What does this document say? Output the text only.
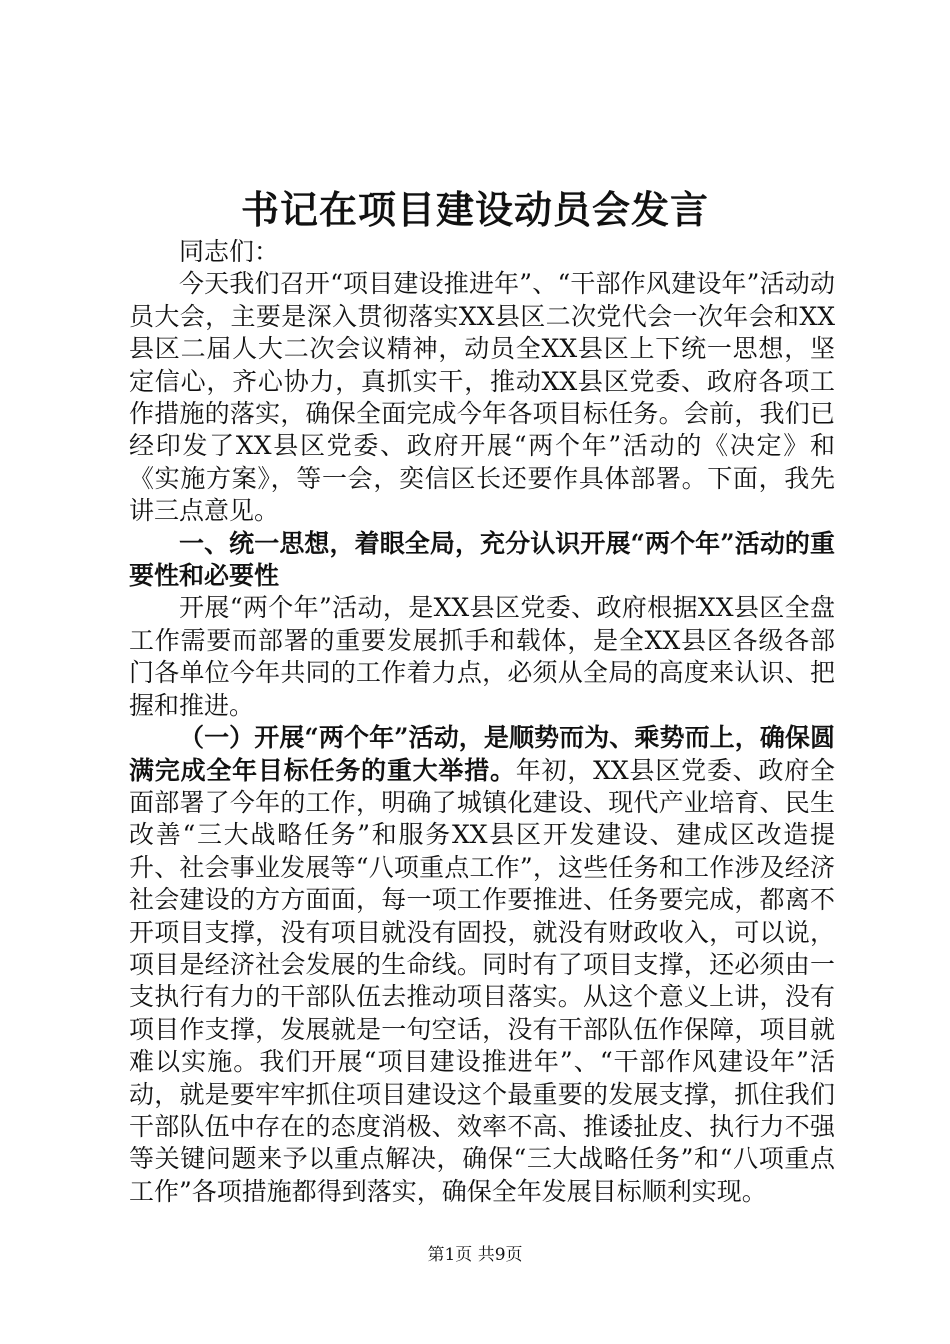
书记在项目建设动员会发言

同志们：

今天我们召开“项目建设推进年”、“干部作风建设年”活动动员大会，主要是深入贯彻落实XX县区二次党代会一次年会和XX县区二届人大二次会议精神，动员全XX县区上下统一思想，坚定信心，齐心协力，真抓实干，推动XX县区党委、政府各项工作措施的落实，确保全面完成今年各项目标任务。会前，我们已经印发了XX县区党委、政府开展“两个年”活动的《决定》和《实施方案》，等一会，奕信区长还要作具体部署。下面，我先讲三点意见。

一、统一思想，着眼全局，充分认识开展“两个年”活动的重要性和必要性

开展“两个年”活动，是XX县区党委、政府根据XX县区全盘工作需要而部署的重要发展抓手和载体，是全XX县区各级各部门各单位今年共同的工作着力点，必须从全局的高度来认识、把握和推进。

（一）开展“两个年”活动，是顺势而为、乘势而上，确保圆满完成全年目标任务的重大举措。年初，XX县区党委、政府全面部署了今年的工作，明确了城镇化建设、现代产业培育、民生改善“三大战略任务”和服务XX县区开发建设、建成区改造提升、社会事业发展等“八项重点工作”，这些任务和工作涉及经济社会建设的方方面面，每一项工作要推进、任务要完成，都离不开项目支撑，没有项目就没有固投，就没有财政收入，可以说，项目是经济社会发展的生命线。同时有了项目支撑，还必须由一支执行有力的干部队伍去推动项目落实。从这个意义上讲，没有项目作支撑，发展就是一句空话，没有干部队伍作保障，项目就难以实施。我们开展“项目建设推进年”、“干部作风建设年”活动，就是要牢牢抓住项目建设这个最重要的发展支撑，抓住我们干部队伍中存在的态度消极、效率不高、推诿扯皮、执行力不强等关键问题来予以重点解决，确保“三大战略任务”和“八项重点工作”各项措施都得到落实，确保全年发展目标顺利实现。

第1页 共9页
